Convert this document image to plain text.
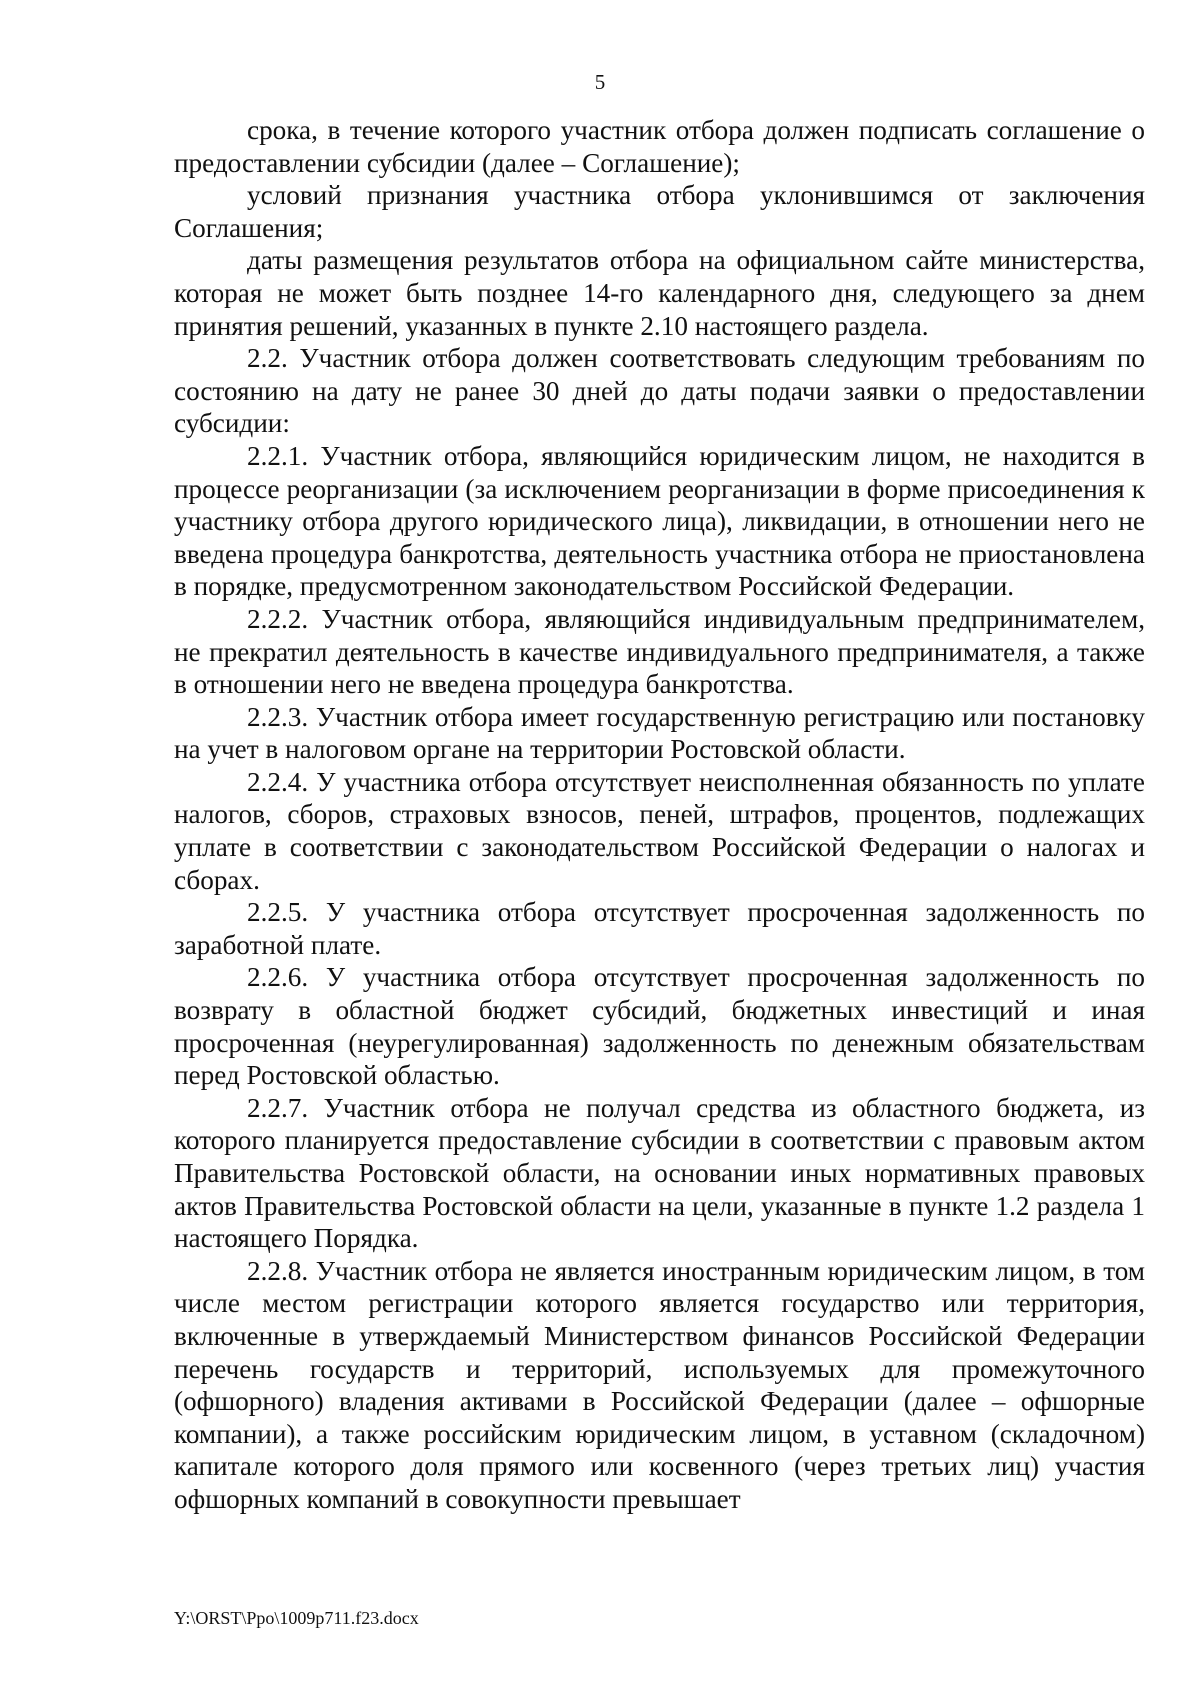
5

срока, в течение которого участник отбора должен подписать соглашение о предоставлении субсидии (далее – Соглашение);

условий признания участника отбора уклонившимся от заключения Соглашения;

даты размещения результатов отбора на официальном сайте министерства, которая не может быть позднее 14-го календарного дня, следующего за днем принятия решений, указанных в пункте 2.10 настоящего раздела.

2.2. Участник отбора должен соответствовать следующим требованиям по состоянию на дату не ранее 30 дней до даты подачи заявки о предоставлении субсидии:

2.2.1. Участник отбора, являющийся юридическим лицом, не находится в процессе реорганизации (за исключением реорганизации в форме присоединения к участнику отбора другого юридического лица), ликвидации, в отношении него не введена процедура банкротства, деятельность участника отбора не приостановлена в порядке, предусмотренном законодательством Российской Федерации.

2.2.2. Участник отбора, являющийся индивидуальным предпринимателем, не прекратил деятельность в качестве индивидуального предпринимателя, а также в отношении него не введена процедура банкротства.

2.2.3. Участник отбора имеет государственную регистрацию или постановку на учет в налоговом органе на территории Ростовской области.

2.2.4. У участника отбора отсутствует неисполненная обязанность по уплате налогов, сборов, страховых взносов, пеней, штрафов, процентов, подлежащих уплате в соответствии с законодательством Российской Федерации о налогах и сборах.

2.2.5. У участника отбора отсутствует просроченная задолженность по заработной плате.

2.2.6. У участника отбора отсутствует просроченная задолженность по возврату в областной бюджет субсидий, бюджетных инвестиций и иная просроченная (неурегулированная) задолженность по денежным обязательствам перед Ростовской областью.

2.2.7. Участник отбора не получал средства из областного бюджета, из которого планируется предоставление субсидии в соответствии с правовым актом Правительства Ростовской области, на основании иных нормативных правовых актов Правительства Ростовской области на цели, указанные в пункте 1.2 раздела 1 настоящего Порядка.

2.2.8. Участник отбора не является иностранным юридическим лицом, в том числе местом регистрации которого является государство или территория, включенные в утверждаемый Министерством финансов Российской Федерации перечень государств и территорий, используемых для промежуточного (офшорного) владения активами в Российской Федерации (далее – офшорные компании), а также российским юридическим лицом, в уставном (складочном) капитале которого доля прямого или косвенного (через третьих лиц) участия офшорных компаний в совокупности превышает

Y:\ORST\Ppo\1009p711.f23.docx
